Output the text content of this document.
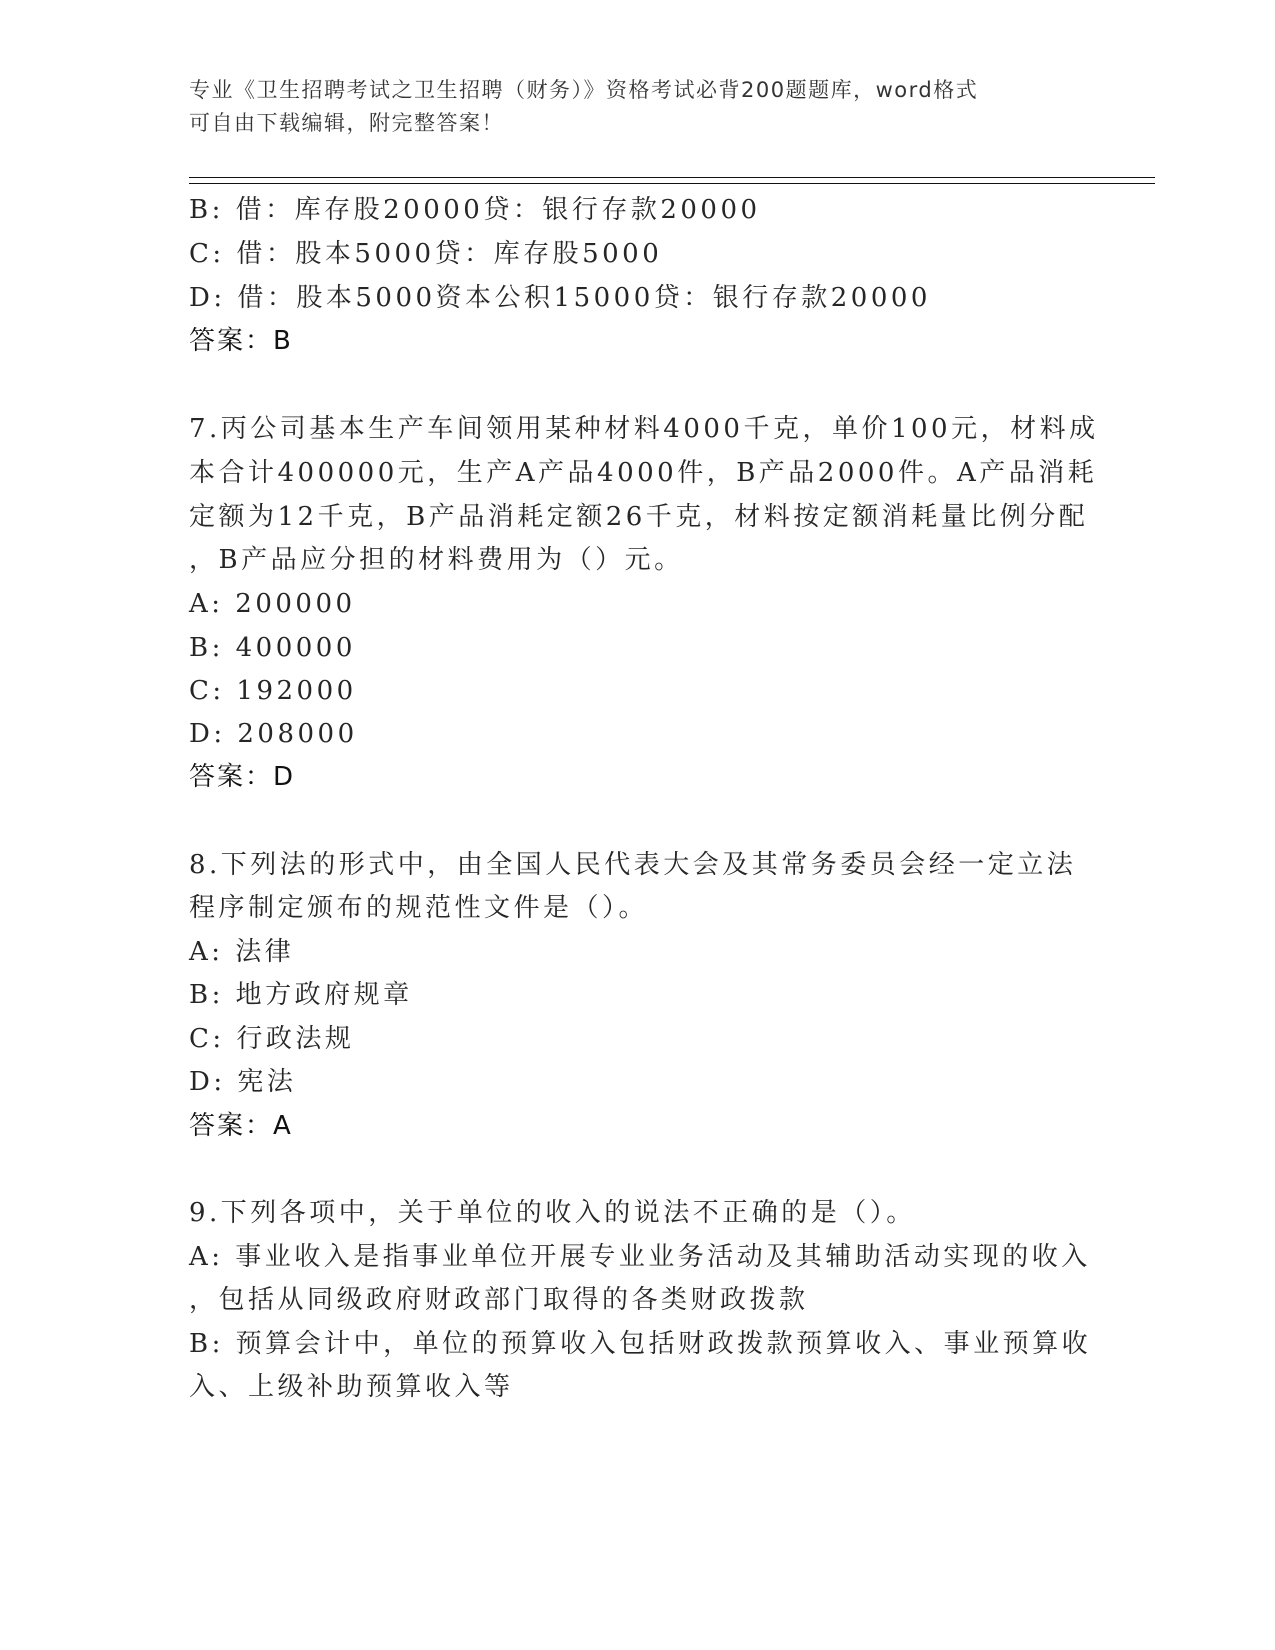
专业《卫生招聘考试之卫生招聘（财务）》资格考试必背200题题库，word格式
可自由下载编辑，附完整答案！
B: 借：库存股20000贷：银行存款20000
C: 借：股本5000贷：库存股5000
D: 借：股本5000资本公积15000贷：银行存款20000
答案：B
7.丙公司基本生产车间领用某种材料4000千克，单价100元，材料成
本合计400000元，生产A产品4000件，B产品2000件。A产品消耗
定额为12千克，B产品消耗定额26千克，材料按定额消耗量比例分配
，B产品应分担的材料费用为（）元。
A: 200000
B: 400000
C: 192000
D: 208000
答案：D
8.下列法的形式中，由全国人民代表大会及其常务委员会经一定立法
程序制定颁布的规范性文件是（）。
A: 法律
B: 地方政府规章
C: 行政法规
D: 宪法
答案：A
9.下列各项中，关于单位的收入的说法不正确的是（）。
A: 事业收入是指事业单位开展专业业务活动及其辅助活动实现的收入
，包括从同级政府财政部门取得的各类财政拨款
B: 预算会计中，单位的预算收入包括财政拨款预算收入、事业预算收
入、上级补助预算收入等
